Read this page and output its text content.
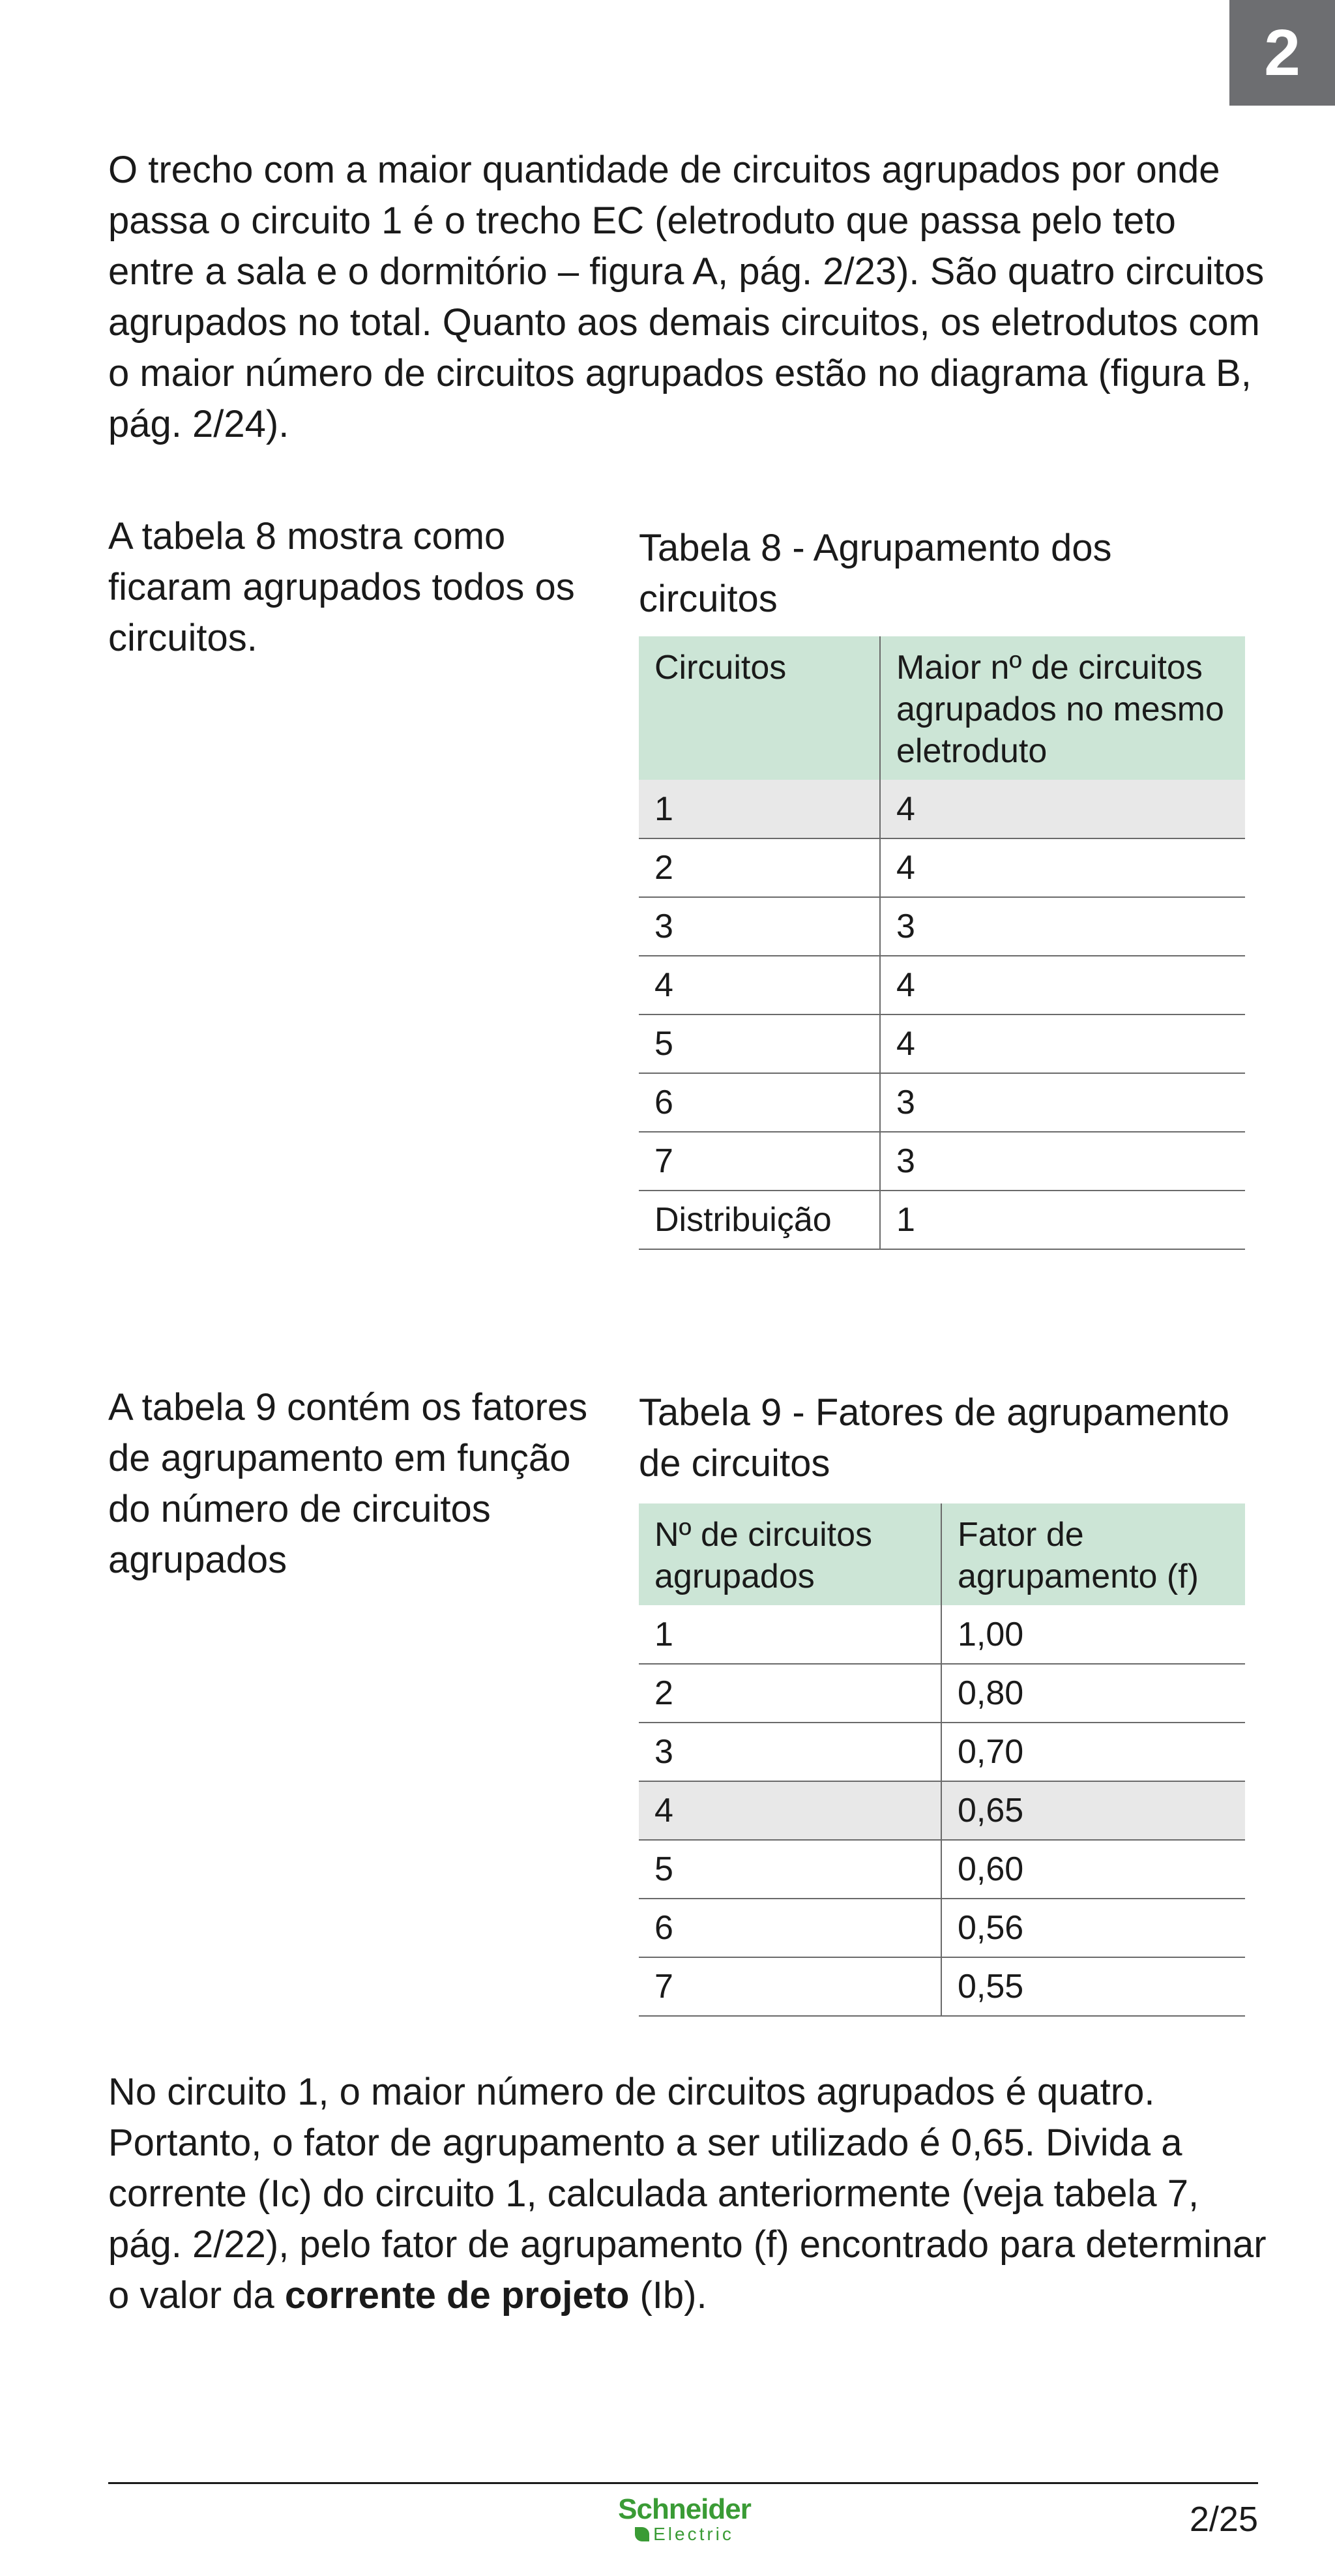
2

O trecho com a maior quantidade de circuitos agrupados por onde passa o circuito 1 é o trecho EC (eletroduto que passa pelo teto entre a sala e o dormitório – figura A, pág. 2/23). São quatro circuitos agrupados no total. Quanto aos demais circuitos, os eletrodutos com o maior número de circuitos agrupados estão no diagrama (figura B, pág. 2/24).

A tabela 8 mostra como ficaram agrupados todos os circuitos.

Tabela 8 - Agrupamento dos circuitos

Circuitos	Maior nº de circuitos agrupados no mesmo eletroduto
1	4
2	4
3	3
4	4
5	4
6	3
7	3
Distribuição	1

A tabela 9 contém os fatores de agrupamento em função do número de circuitos agrupados

Tabela 9 - Fatores de agrupamento de circuitos

Nº de circuitos agrupados	Fator de agrupamento (f)
1	1,00
2	0,80
3	0,70
4	0,65
5	0,60
6	0,56
7	0,55

No circuito 1, o maior número de circuitos agrupados é quatro. Portanto, o fator de agrupamento a ser utilizado é 0,65. Divida a corrente (Ic) do circuito 1, calculada anteriormente (veja tabela 7, pág. 2/22), pelo fator de agrupamento (f) encontrado para determinar o valor da corrente de projeto (Ib).

Schneider
Electric	2/25
